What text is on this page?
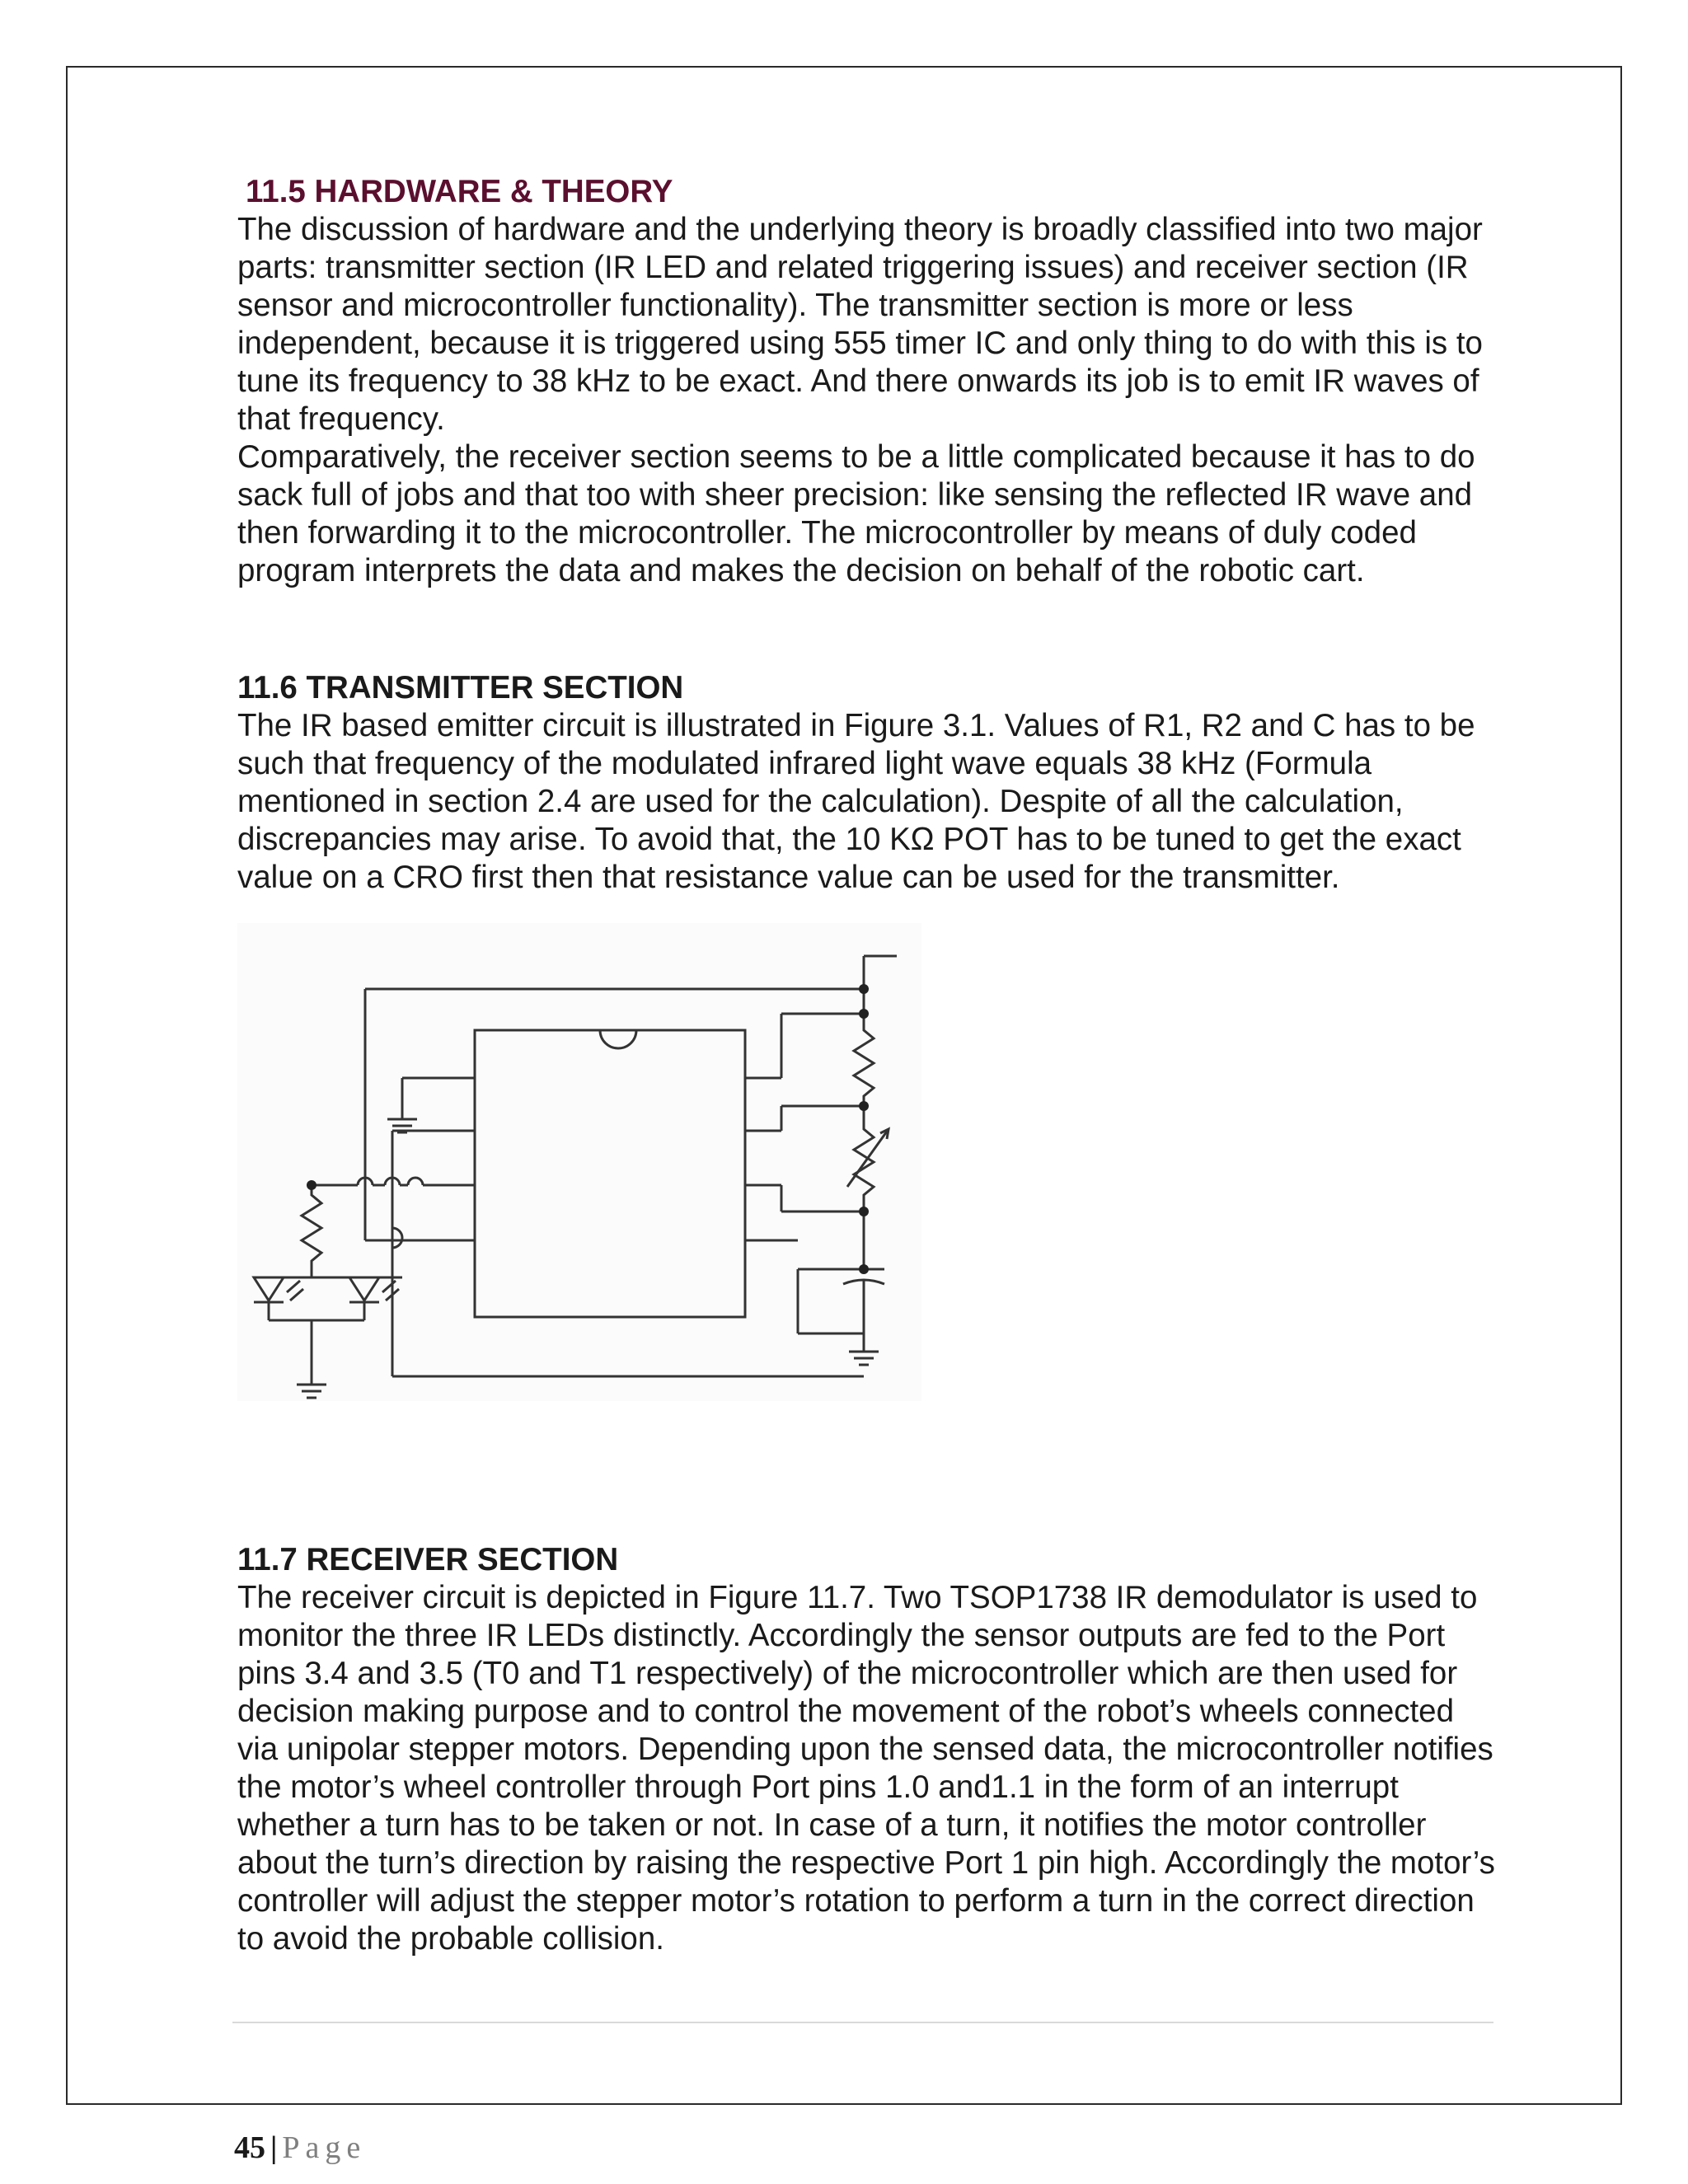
11.5 HARDWARE & THEORY

The discussion of hardware and the underlying theory is broadly classified into two major parts: transmitter section (IR LED and related triggering issues) and receiver section (IR sensor and microcontroller functionality). The transmitter section is more or less independent, because it is triggered using 555 timer IC and only thing to do with this is to tune its frequency to 38 kHz to be exact. And there onwards its job is to emit IR waves of that frequency.

Comparatively, the receiver section seems to be a little complicated because it has to do sack full of jobs and that too with sheer precision: like sensing the reflected IR wave and then forwarding it to the microcontroller. The microcontroller by means of duly coded program interprets the data and makes the decision on behalf of the robotic cart.

11.6 TRANSMITTER SECTION

The IR based emitter circuit is illustrated in Figure 3.1. Values of R1, R2 and C has to be such that frequency of the modulated infrared light wave equals 38 kHz (Formula mentioned in section 2.4 are used for the calculation). Despite of all the calculation, discrepancies may arise. To avoid that, the 10 KΩ POT has to be tuned to get the exact value on a CRO first then that resistance value can be used for the transmitter.

11.7 RECEIVER SECTION

The receiver circuit is depicted in Figure 11.7. Two TSOP1738 IR demodulator is used to monitor the three IR LEDs distinctly. Accordingly the sensor outputs are fed to the Port pins 3.4 and 3.5 (T0 and T1 respectively) of the microcontroller which are then used for decision making purpose and to control the movement of the robot’s wheels connected via unipolar stepper motors. Depending upon the sensed data, the microcontroller notifies the motor’s wheel controller through Port pins 1.0 and1.1 in the form of an interrupt whether a turn has to be taken or not. In case of a turn, it notifies the motor controller about the turn’s direction by raising the respective Port 1 pin high. Accordingly the motor’s controller will adjust the stepper motor’s rotation to perform a turn in the correct direction to avoid the probable collision.

45 | Page
